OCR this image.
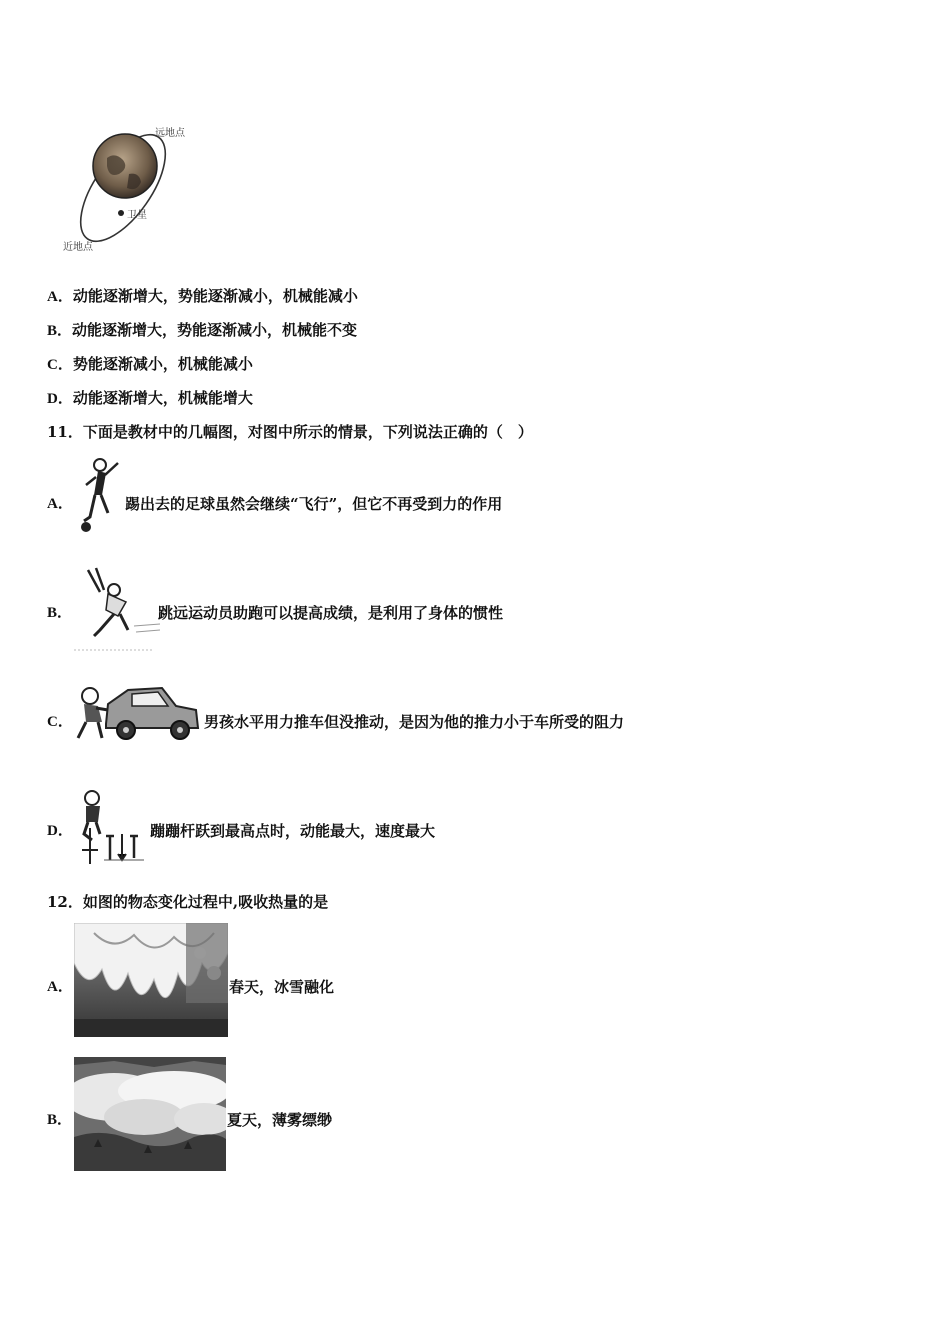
远地点
卫星
近地点
A．动能逐渐增大，势能逐渐减小，机械能减小
B．动能逐渐增大，势能逐渐减小，机械能不变
C．势能逐渐减小，机械能减小
D．动能逐渐增大，机械能增大
11．下面是教材中的几幅图，对图中所示的情景，下列说法正确的（　）
A．	踢出去的足球虽然会继续“飞行”，但它不再受到力的作用
B．	跳远运动员助跑可以提高成绩，是利用了身体的惯性
C．	男孩水平用力推车但没推动，是因为他的推力小于车所受的阻力
D．	蹦蹦杆跃到最高点时，动能最大，速度最大
12．如图的物态变化过程中,吸收热量的是
A．	春天，冰雪融化
B．	夏天，薄雾缥缈
